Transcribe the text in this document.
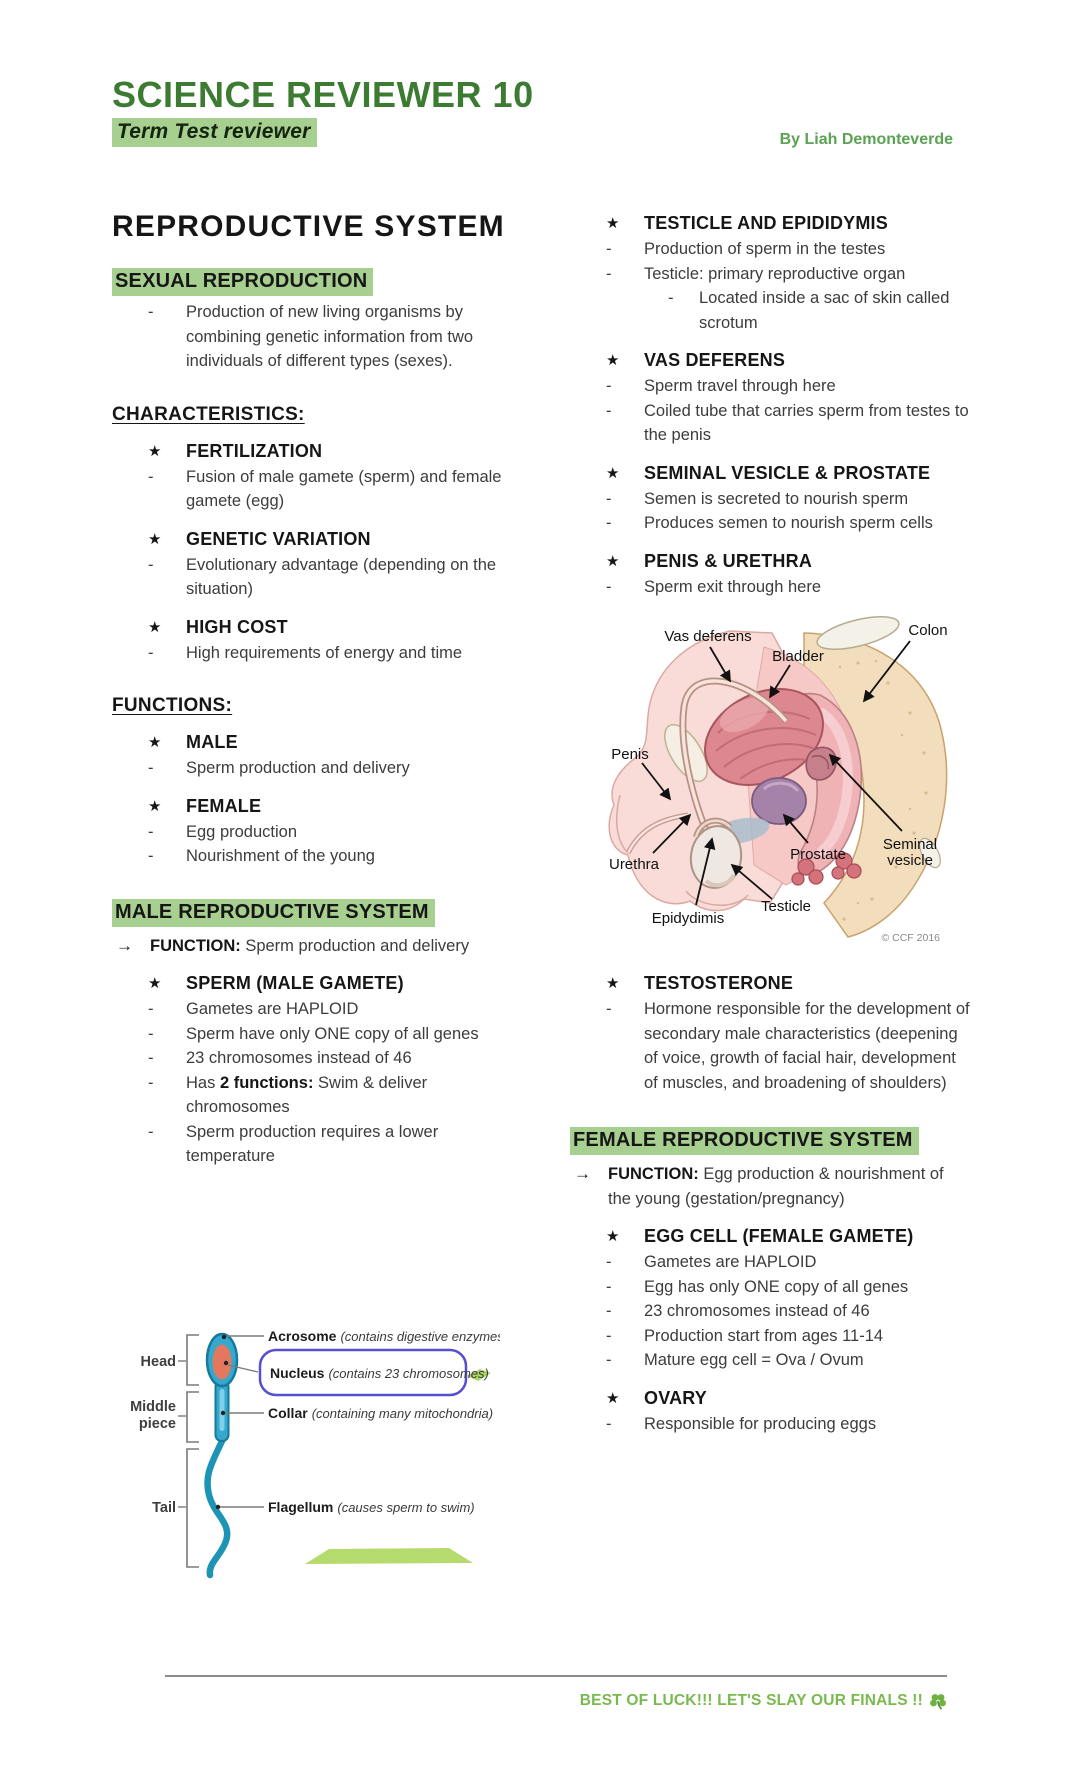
SCIENCE REVIEWER 10
Term Test reviewer	By Liah Demonteverde
REPRODUCTIVE SYSTEM
SEXUAL REPRODUCTION
-	Production of new living organisms by combining genetic information from two individuals of different types (sexes).
CHARACTERISTICS:
★	FERTILIZATION
-	Fusion of male gamete (sperm) and female gamete (egg)
★	GENETIC VARIATION
-	Evolutionary advantage (depending on the situation)
★	HIGH COST
-	High requirements of energy and time
FUNCTIONS:
★	MALE
-	Sperm production and delivery
★	FEMALE
-	Egg production
-	Nourishment of the young
MALE REPRODUCTIVE SYSTEM
→	FUNCTION: Sperm production and delivery
★	SPERM (MALE GAMETE)
-	Gametes are HAPLOID
-	Sperm have only ONE copy of all genes
-	23 chromosomes instead of 46
-	Has 2 functions: Swim & deliver chromosomes
-	Sperm production requires a lower temperature
Head
Middle
piece
Tail
Acrosome (contains digestive enzymes)
Nucleus (contains 23 chromosomes)
Collar (containing many mitochondria)
Flagellum (causes sperm to swim)
★	TESTICLE AND EPIDIDYMIS
-	Production of sperm in the testes
-	Testicle: primary reproductive organ
-	Located inside a sac of skin called scrotum
★	VAS DEFERENS
-	Sperm travel through here
-	Coiled tube that carries sperm from testes to the penis
★	SEMINAL VESICLE & PROSTATE
-	Semen is secreted to nourish sperm
-	Produces semen to nourish sperm cells
★	PENIS & URETHRA
-	Sperm exit through here
Vas deferens
Bladder
Colon
Penis
Urethra
Prostate
Seminal
vesicle
Epidydimis
Testicle
© CCF 2016
★	TESTOSTERONE
-	Hormone responsible for the development of secondary male characteristics (deepening of voice, growth of facial hair, development of muscles, and broadening of shoulders)
FEMALE REPRODUCTIVE SYSTEM
→	FUNCTION: Egg production & nourishment of the young (gestation/pregnancy)
★	EGG CELL (FEMALE GAMETE)
-	Gametes are HAPLOID
-	Egg has only ONE copy of all genes
-	23 chromosomes instead of 46
-	Production start from ages 11-14
-	Mature egg cell = Ova / Ovum
★	OVARY
-	Responsible for producing eggs
BEST OF LUCK!!! LET'S SLAY OUR FINALS !!
